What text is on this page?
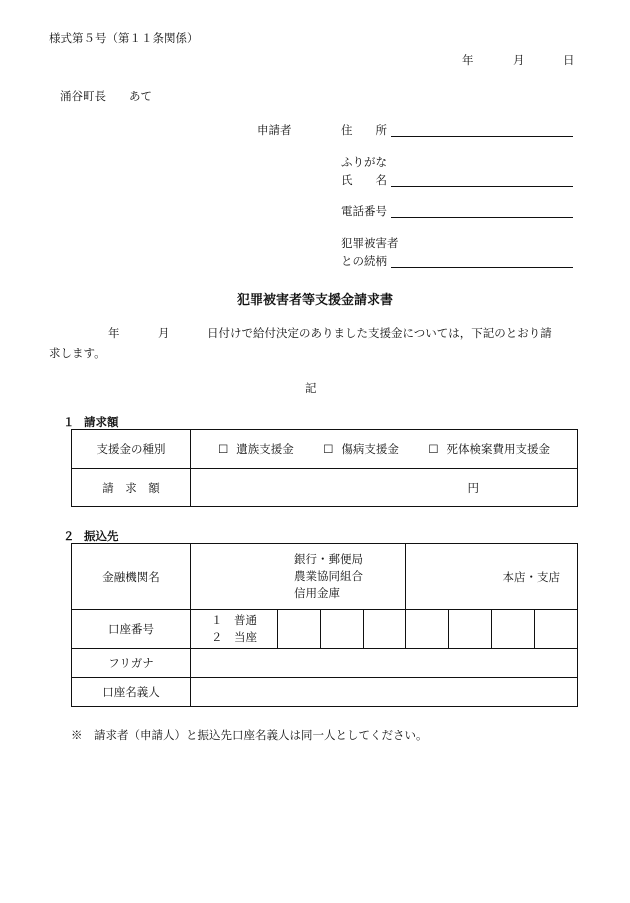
様式第５号（第１１条関係）
年	月	日
涌谷町長　　あて
申請者	住　　所
ふりがな
氏　　名
電話番号
犯罪被害者
との続柄
犯罪被害者等支援金請求書
年	月	日付けで給付決定のありました支援金については，下記のとおり請
求します。
記
１ 請求額
支援金の種別	☐ 遺族支援金 ☐ 傷病支援金 ☐ 死体検案費用支援金
請　求　額	円
２ 振込先
金融機関名	銀行・郵便局
農業協同組合
信用金庫				本店・支店			
口座番号	１　普通
２　当座							

フリガナ								
口座名義人								
※　請求者（申請人）と振込先口座名義人は同一人としてください。
